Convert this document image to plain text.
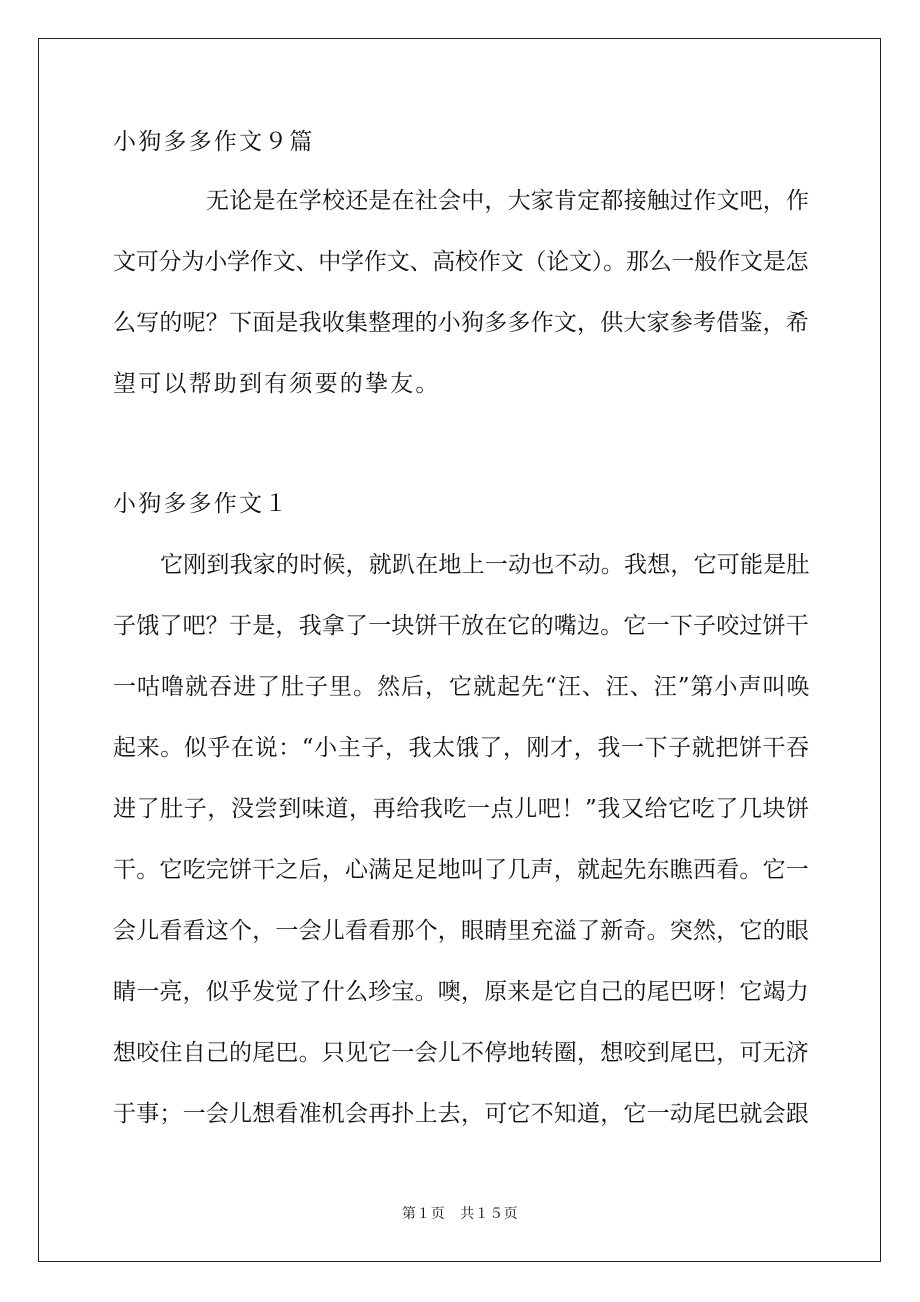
小狗多多作文９篇

无论是在学校还是在社会中，大家肯定都接触过作文吧，作

文可分为小学作文、中学作文、高校作文（论文）。那么一般作文是怎

么写的呢？下面是我收集整理的小狗多多作文，供大家参考借鉴，希

望可以帮助到有须要的挚友。

小狗多多作文１

它刚到我家的时候，就趴在地上一动也不动。我想，它可能是肚

子饿了吧？于是，我拿了一块饼干放在它的嘴边。它一下子咬过饼干

一咕噜就吞进了肚子里。然后，它就起先“汪、汪、汪”第小声叫唤

起来。似乎在说：“小主子，我太饿了，刚才，我一下子就把饼干吞

进了肚子，没尝到味道，再给我吃一点儿吧！”我又给它吃了几块饼

干。它吃完饼干之后，心满足足地叫了几声，就起先东瞧西看。它一

会儿看看这个，一会儿看看那个，眼睛里充溢了新奇。突然，它的眼

睛一亮，似乎发觉了什么珍宝。噢，原来是它自己的尾巴呀！它竭力

想咬住自己的尾巴。只见它一会儿不停地转圈，想咬到尾巴，可无济

于事；一会儿想看准机会再扑上去，可它不知道，它一动尾巴就会跟

第１页 共１５页
